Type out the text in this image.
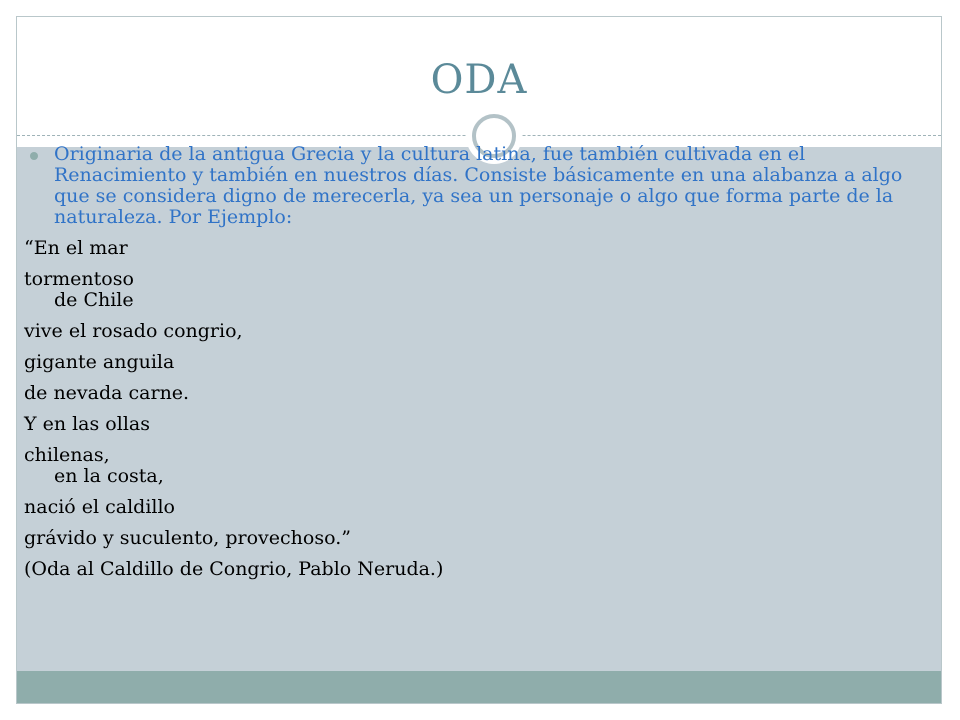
ODA
Originaria de la antigua Grecia y la cultura latina, fue también cultivada en el Renacimiento y también en nuestros días. Consiste básicamente en una alabanza a algo que se considera digno de merecerla, ya sea un personaje o algo que forma parte de la naturaleza. Por Ejemplo:

“En el mar

tormentoso
de Chile

vive el rosado congrio,

gigante anguila

de nevada carne.

Y en las ollas

chilenas,
en la costa,

nació el caldillo

grávido y suculento, provechoso.”

(Oda al Caldillo de Congrio, Pablo Neruda.)
